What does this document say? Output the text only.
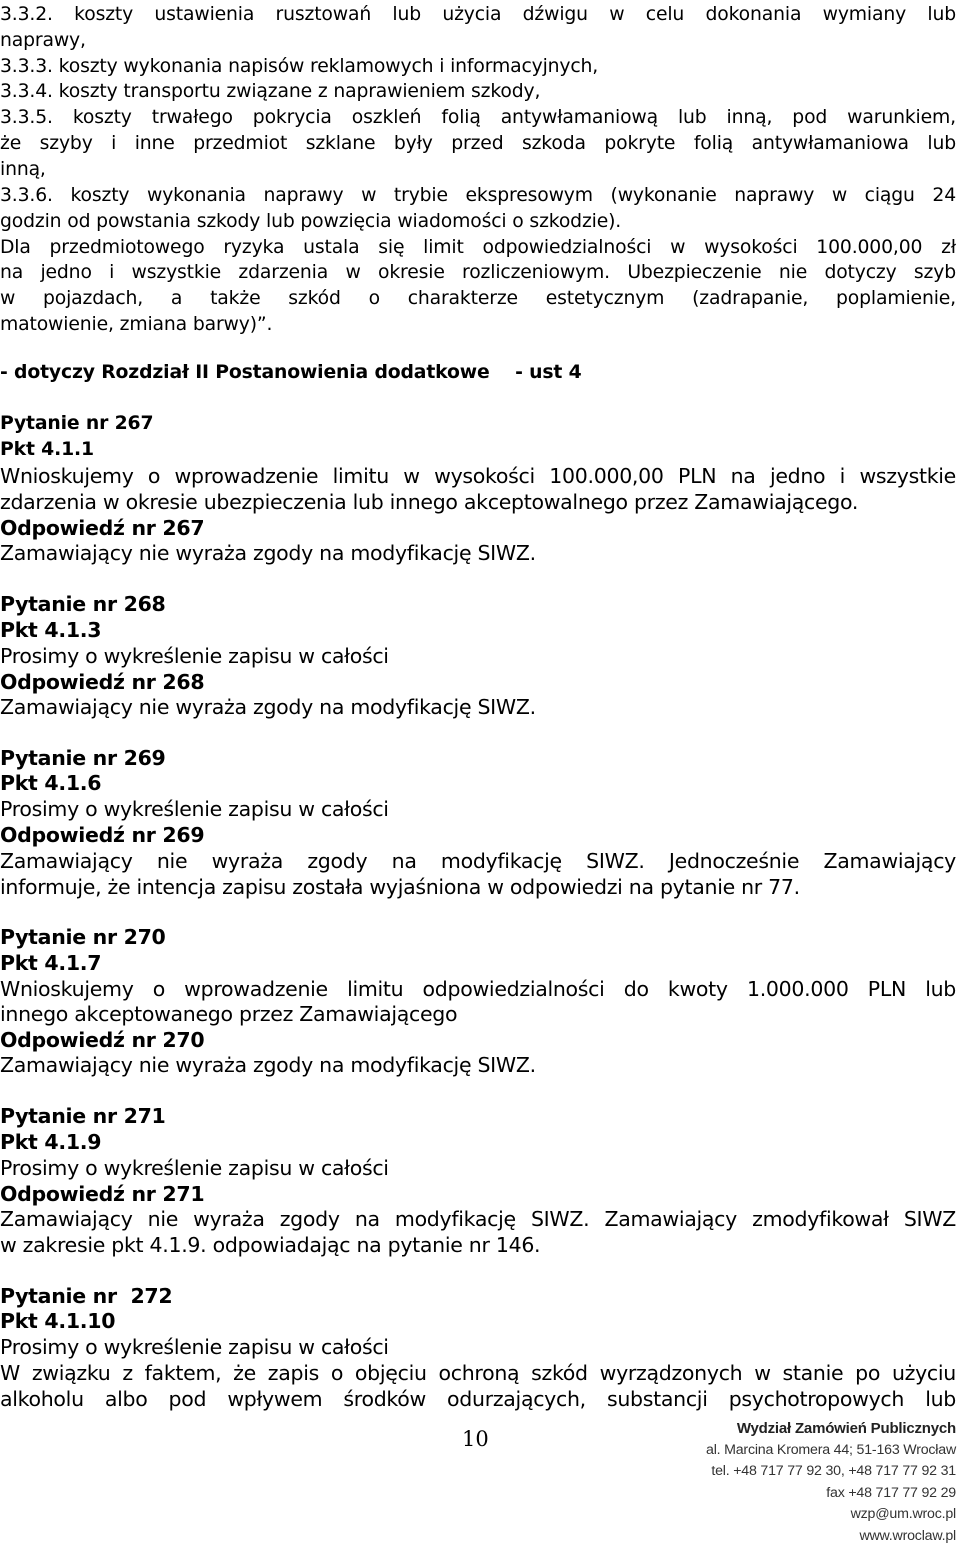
3.3.2. koszty ustawienia rusztowań lub użycia dźwigu w celu dokonania wymiany lub
naprawy,
3.3.3. koszty wykonania napisów reklamowych i informacyjnych,
3.3.4. koszty transportu związane z naprawieniem szkody,
3.3.5. koszty trwałego pokrycia oszkleń folią antywłamaniową lub inną, pod warunkiem,
że szyby i inne przedmiot szklane były przed szkoda pokryte folią antywłamaniowa lub
inną,
3.3.6. koszty wykonania naprawy w trybie ekspresowym (wykonanie naprawy w ciągu 24
godzin od powstania szkody lub powzięcia wiadomości o szkodzie).
Dla przedmiotowego ryzyka ustala się limit odpowiedzialności w wysokości 100.000,00 zł
na jedno i wszystkie zdarzenia w okresie rozliczeniowym. Ubezpieczenie nie dotyczy szyb
w pojazdach, a także szkód o charakterze estetycznym (zadrapanie, poplamienie,
matowienie, zmiana barwy)”.
- dotyczy Rozdział II Postanowienia dodatkowe    - ust 4
Pytanie nr 267
Pkt 4.1.1
Wnioskujemy o wprowadzenie limitu w wysokości 100.000,00 PLN na jedno i wszystkie
zdarzenia w okresie ubezpieczenia lub innego akceptowalnego przez Zamawiającego.
Odpowiedź nr 267
Zamawiający nie wyraża zgody na modyfikację SIWZ.
Pytanie nr 268
Pkt 4.1.3
Prosimy o wykreślenie zapisu w całości
Odpowiedź nr 268
Zamawiający nie wyraża zgody na modyfikację SIWZ.
Pytanie nr 269
Pkt 4.1.6
Prosimy o wykreślenie zapisu w całości
Odpowiedź nr 269
Zamawiający nie wyraża zgody na modyfikację SIWZ. Jednocześnie Zamawiający
informuje, że intencja zapisu została wyjaśniona w odpowiedzi na pytanie nr 77.
Pytanie nr 270
Pkt 4.1.7
Wnioskujemy o wprowadzenie limitu odpowiedzialności do kwoty 1.000.000 PLN lub
innego akceptowanego przez Zamawiającego
Odpowiedź nr 270
Zamawiający nie wyraża zgody na modyfikację SIWZ.
Pytanie nr 271
Pkt 4.1.9
Prosimy o wykreślenie zapisu w całości
Odpowiedź nr 271
Zamawiający nie wyraża zgody na modyfikację SIWZ. Zamawiający zmodyfikował SIWZ
w zakresie pkt 4.1.9. odpowiadając na pytanie nr 146.
Pytanie nr  272
Pkt 4.1.10
Prosimy o wykreślenie zapisu w całości
W związku z faktem, że zapis o objęciu ochroną szkód wyrządzonych w stanie po użyciu
alkoholu albo pod wpływem środków odurzających, substancji psychotropowych lub
10	Wydział Zamówień Publicznych
al. Marcina Kromera 44; 51-163 Wrocław
tel. +48 717 77 92 30, +48 717 77 92 31
fax +48 717 77 92 29
wzp@um.wroc.pl
www.wroclaw.pl
